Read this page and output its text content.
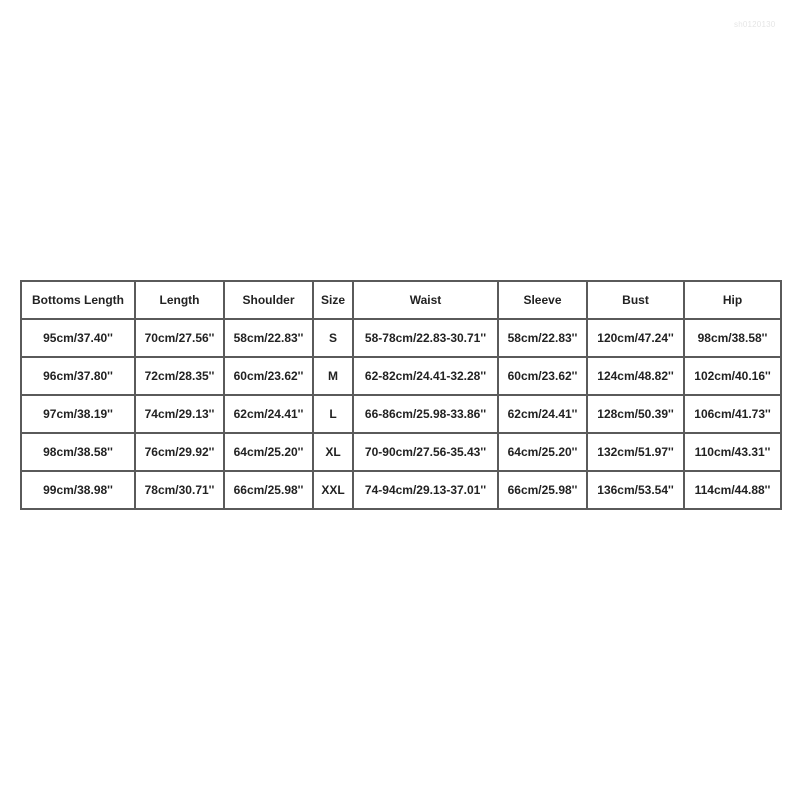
sh0120130
Bottoms Length	Length	Shoulder	Size	Waist	Sleeve	Bust	Hip
95cm/37.40''	70cm/27.56''	58cm/22.83''	S	58-78cm/22.83-30.71''	58cm/22.83''	120cm/47.24''	98cm/38.58''
96cm/37.80''	72cm/28.35''	60cm/23.62''	M	62-82cm/24.41-32.28''	60cm/23.62''	124cm/48.82''	102cm/40.16''
97cm/38.19''	74cm/29.13''	62cm/24.41''	L	66-86cm/25.98-33.86''	62cm/24.41''	128cm/50.39''	106cm/41.73''
98cm/38.58''	76cm/29.92''	64cm/25.20''	XL	70-90cm/27.56-35.43''	64cm/25.20''	132cm/51.97''	110cm/43.31''
99cm/38.98''	78cm/30.71''	66cm/25.98''	XXL	74-94cm/29.13-37.01''	66cm/25.98''	136cm/53.54''	114cm/44.88''
